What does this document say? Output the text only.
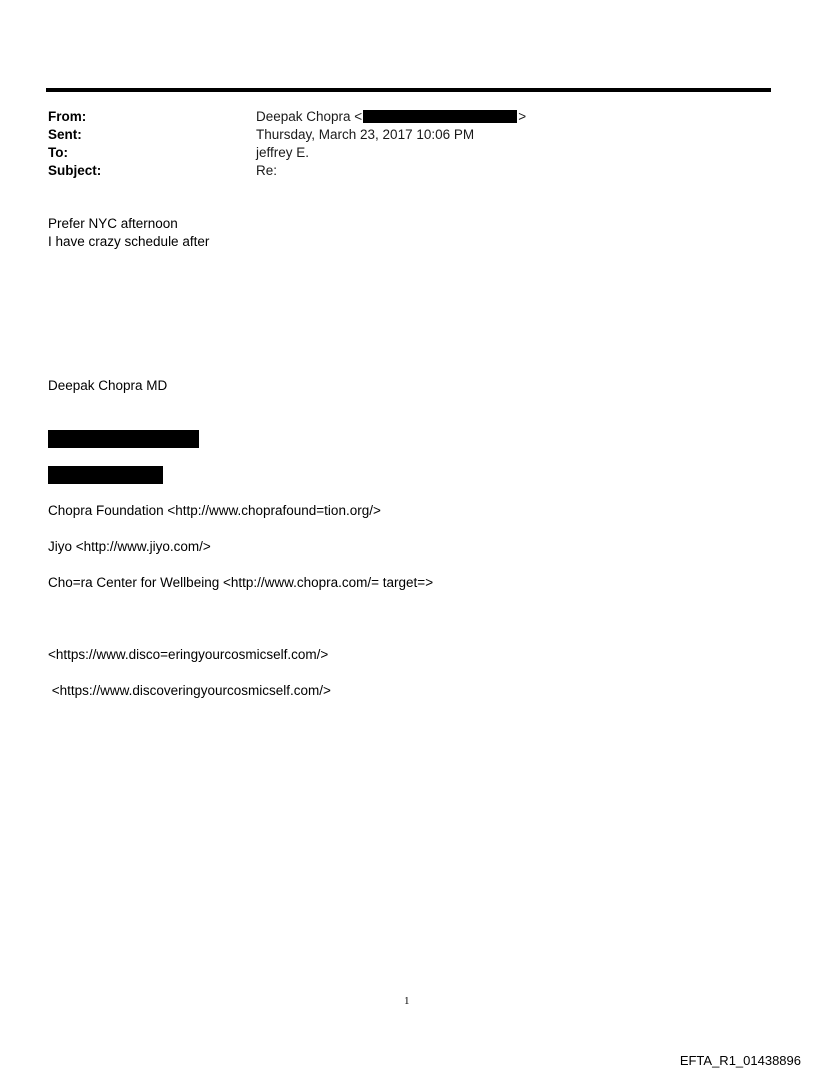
From:	Deepak Chopra <	>
Sent:	Thursday, March 23, 2017 10:06 PM
To:	jeffrey E.
Subject:	Re:
Prefer NYC afternoon
I have crazy schedule after
Deepak Chopra MD
Chopra Foundation <http://www.choprafound=tion.org/>
Jiyo <http://www.jiyo.com/>
Cho=ra Center for Wellbeing <http://www.chopra.com/= target=>
<https://www.disco=eringyourcosmicself.com/>
<https://www.discoveringyourcosmicself.com/>
1
EFTA_R1_01438896
